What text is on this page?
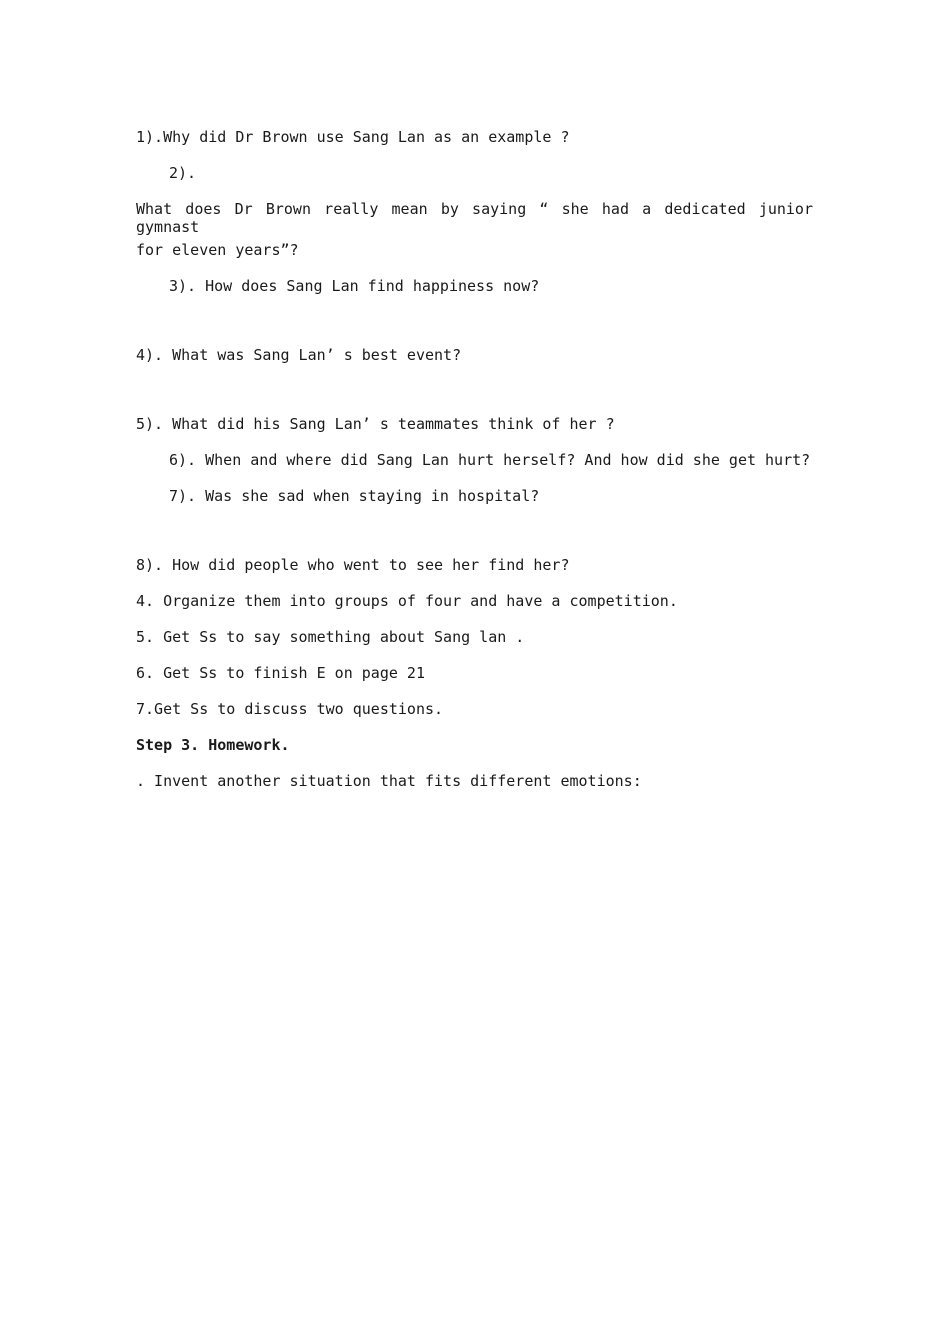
1).Why did Dr Brown use Sang Lan as an example ?
2).
What does Dr Brown really mean by saying “ she had a dedicated junior gymnast
for eleven years”?
3). How does Sang Lan find happiness now?
4). What was Sang Lan’ s best event?
5). What did his Sang Lan’ s teammates think of her ?
6). When and where did Sang Lan hurt herself? And how did she get hurt?
7). Was she sad when staying in hospital?
8). How did people who went to see her find her?
4. Organize them into groups of four and have a competition.
5. Get Ss to say something about Sang lan .
6. Get Ss to finish E on page 21
7.Get Ss to discuss two questions.
Step 3. Homework.
. Invent another situation that fits different emotions:
